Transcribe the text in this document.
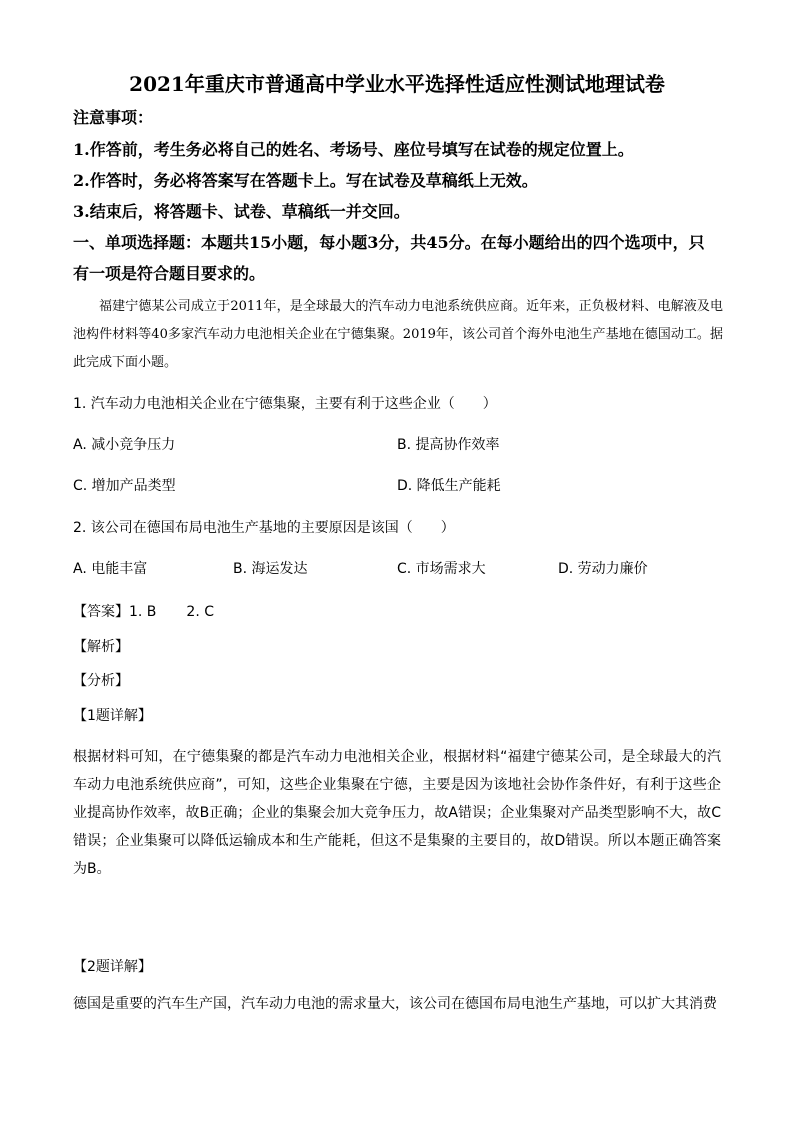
2021年重庆市普通高中学业水平选择性适应性测试地理试卷
注意事项：
1.作答前，考生务必将自己的姓名、考场号、座位号填写在试卷的规定位置上。
2.作答时，务必将答案写在答题卡上。写在试卷及草稿纸上无效。
3.结束后，将答题卡、试卷、草稿纸一并交回。
一、单项选择题：本题共15小题，每小题3分，共45分。在每小题给出的四个选项中，只
有一项是符合题目要求的。
福建宁德某公司成立于2011年，是全球最大的汽车动力电池系统供应商。近年来，正负极材料、电解液及电池构件材料等40多家汽车动力电池相关企业在宁德集聚。2019年，该公司首个海外电池生产基地在德国动工。据此完成下面小题。
1. 汽车动力电池相关企业在宁德集聚，主要有利于这些企业（　　）
A. 减小竞争压力	B. 提高协作效率
C. 增加产品类型	D. 降低生产能耗
2. 该公司在德国布局电池生产基地的主要原因是该国（　　）
A. 电能丰富	B. 海运发达	C. 市场需求大	D. 劳动力廉价
【答案】1. B 2. C
【解析】
【分析】
【1题详解】
根据材料可知，在宁德集聚的都是汽车动力电池相关企业，根据材料“福建宁德某公司，是全球最大的汽车动力电池系统供应商”，可知，这些企业集聚在宁德，主要是因为该地社会协作条件好，有利于这些企业提高协作效率，故B正确；企业的集聚会加大竞争压力，故A错误；企业集聚对产品类型影响不大，故C错误；企业集聚可以降低运输成本和生产能耗，但这不是集聚的主要目的，故D错误。所以本题正确答案为B。
【2题详解】
德国是重要的汽车生产国，汽车动力电池的需求量大，该公司在德国布局电池生产基地，可以扩大其消费
